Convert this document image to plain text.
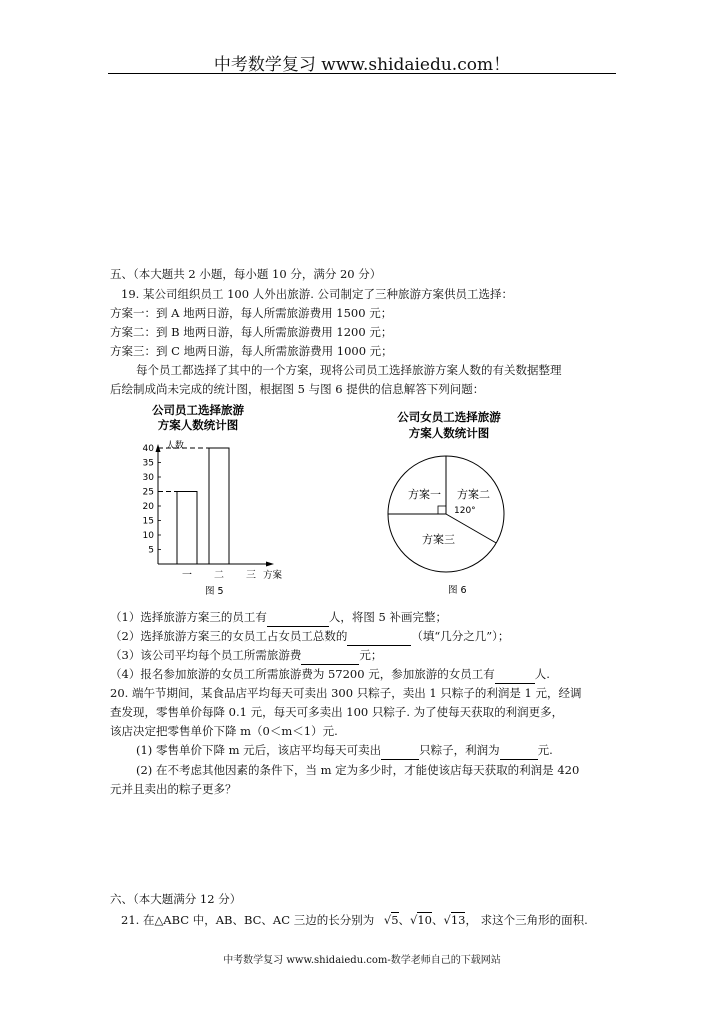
中考数学复习 www.shidaiedu.com！
五、（本大题共 2 小题，每小题 10 分，满分 20 分）
19. 某公司组织员工 100 人外出旅游. 公司制定了三种旅游方案供员工选择：
方案一：到 A 地两日游，每人所需旅游费用 1500 元；
方案二：到 B 地两日游，每人所需旅游费用 1200 元；
方案三：到 C 地两日游，每人所需旅游费用 1000 元；
每个员工都选择了其中的一个方案，现将公司员工选择旅游方案人数的有关数据整理
后绘制成尚未完成的统计图，根据图 5 与图 6 提供的信息解答下列问题：
公司员工选择旅游
方案人数统计图
人数
40
35
30
25
20
15
10
5
一 二 三 方案
图 5
公司女员工选择旅游
方案人数统计图
方案一 方案二
120°
方案三
图 6
（1）选择旅游方案三的员工有	人，将图 5 补画完整；
（2）选择旅游方案三的女员工占女员工总数的	（填“几分之几”）；
（3）该公司平均每个员工所需旅游费	元；
（4）报名参加旅游的女员工所需旅游费为 57200 元，参加旅游的女员工有	人.
20. 端午节期间，某食品店平均每天可卖出 300 只粽子，卖出 1 只粽子的利润是 1 元，经调
查发现，零售单价每降 0.1 元，每天可多卖出 100 只粽子. 为了使每天获取的利润更多，
该店决定把零售单价下降 m（0＜m＜1）元.
(1) 零售单价下降 m 元后，该店平均每天可卖出	只粽子，利润为	元.
(2) 在不考虑其他因素的条件下，当 m 定为多少时，才能使该店每天获取的利润是 420
元并且卖出的粽子更多？
六、（本大题满分 12 分）
21. 在△ABC 中，AB、BC、AC 三边的长分别为 √5、√10、√13， 求这个三角形的面积.
中考数学复习 www.shidaiedu.com-数学老师自己的下载网站
